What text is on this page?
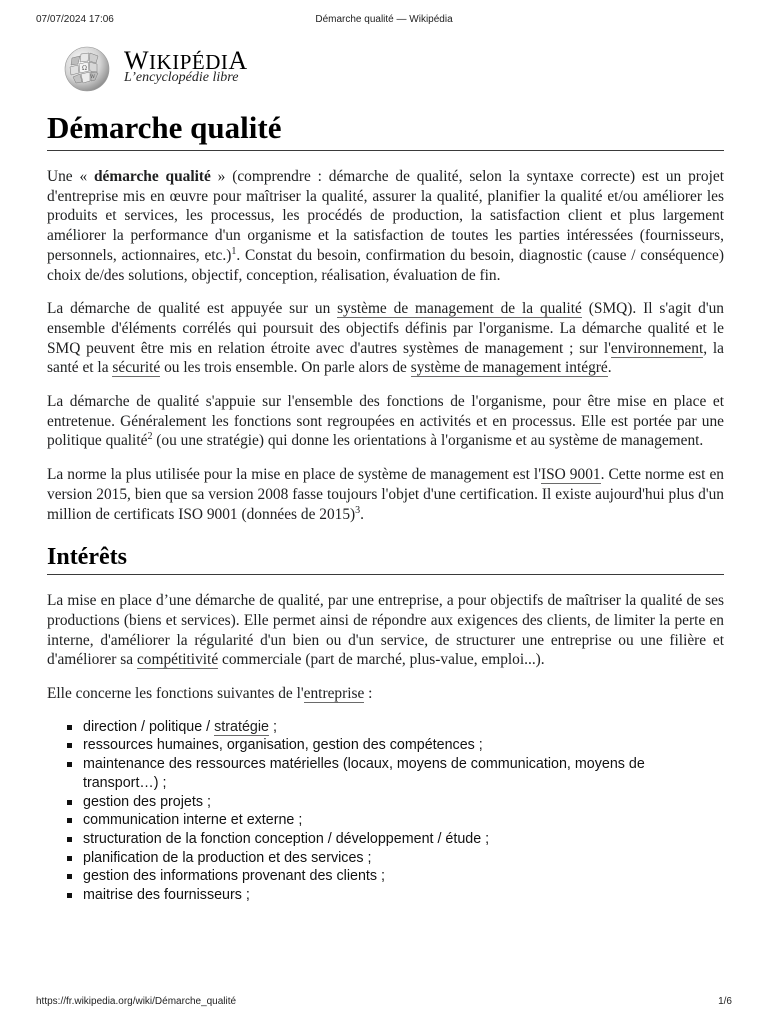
07/07/2024 17:06	Démarche qualité — Wikipédia
Ω
W
WIKIPÉDIA
L’encyclopédie libre
Démarche qualité

Une « démarche qualité » (comprendre : démarche de qualité, selon la syntaxe correcte) est un projet d'entreprise mis en œuvre pour maîtriser la qualité, assurer la qualité, planifier la qualité et/ou améliorer les produits et services, les processus, les procédés de production, la satisfaction client et plus largement améliorer la performance d'un organisme et la satisfaction de toutes les parties intéressées (fournisseurs, personnels, actionnaires, etc.)$^1$. Constat du besoin, confirmation du besoin, diagnostic (cause / conséquence) choix de/des solutions, objectif, conception, réalisation, évaluation de fin.

La démarche de qualité est appuyée sur un système de management de la qualité (SMQ). Il s'agit d'un ensemble d'éléments corrélés qui poursuit des objectifs définis par l'organisme. La démarche qualité et le SMQ peuvent être mis en relation étroite avec d'autres systèmes de management ; sur l'environnement, la santé et la sécurité ou les trois ensemble. On parle alors de système de management intégré.

La démarche de qualité s'appuie sur l'ensemble des fonctions de l'organisme, pour être mise en place et entretenue. Généralement les fonctions sont regroupées en activités et en processus. Elle est portée par une politique qualité$^2$ (ou une stratégie) qui donne les orientations à l'organisme et au système de management.

La norme la plus utilisée pour la mise en place de système de management est l'ISO 9001. Cette norme est en version 2015, bien que sa version 2008 fasse toujours l'objet d'une certification. Il existe aujourd'hui plus d'un million de certificats ISO 9001 (données de 2015)$^3$.

Intérêts

La mise en place d’une démarche de qualité, par une entreprise, a pour objectifs de maîtriser la qualité de ses productions (biens et services). Elle permet ainsi de répondre aux exigences des clients, de limiter la perte en interne, d'améliorer la régularité d'un bien ou d'un service, de structurer une entreprise ou une filière et d'améliorer sa compétitivité commerciale (part de marché, plus-value, emploi...).

Elle concerne les fonctions suivantes de l'entreprise :

direction / politique / stratégie ;
ressources humaines, organisation, gestion des compétences ;
maintenance des ressources matérielles (locaux, moyens de communication, moyens de transport…) ;
gestion des projets ;
communication interne et externe ;
structuration de la fonction conception / développement / étude ;
planification de la production et des services ;
gestion des informations provenant des clients ;
maitrise des fournisseurs ;
https://fr.wikipedia.org/wiki/Démarche_qualité	1/6
